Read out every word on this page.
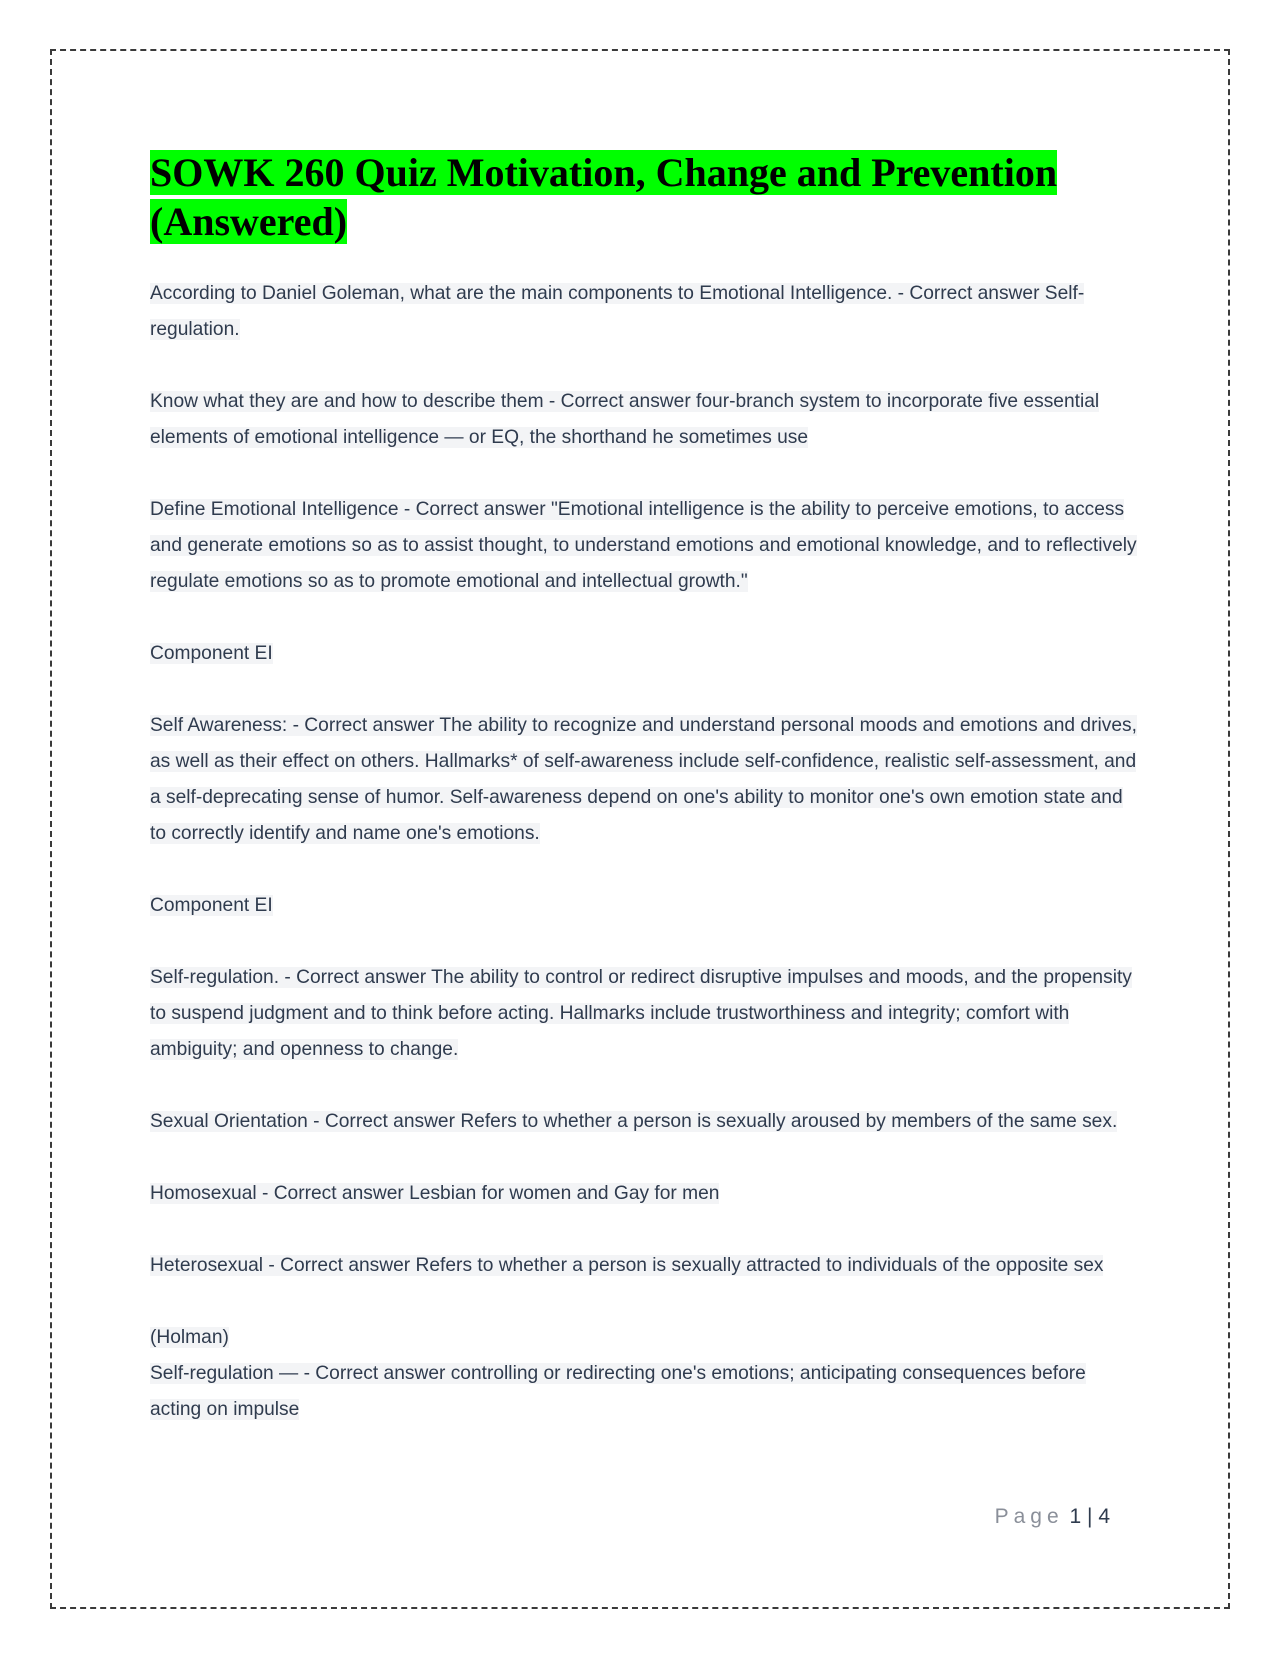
SOWK 260 Quiz Motivation, Change and Prevention (Answered)

According to Daniel Goleman, what are the main components to Emotional Intelligence. - Correct answer Self-regulation.

Know what they are and how to describe them - Correct answer four-branch system to incorporate five essential elements of emotional intelligence — or EQ, the shorthand he sometimes use

Define Emotional Intelligence - Correct answer "Emotional intelligence is the ability to perceive emotions, to access and generate emotions so as to assist thought, to understand emotions and emotional knowledge, and to reflectively regulate emotions so as to promote emotional and intellectual growth."

Component EI

Self Awareness: - Correct answer The ability to recognize and understand personal moods and emotions and drives, as well as their effect on others. Hallmarks* of self-awareness include self-confidence, realistic self-assessment, and a self-deprecating sense of humor. Self-awareness depend on one's ability to monitor one's own emotion state and to correctly identify and name one's emotions.

Component EI

Self-regulation. - Correct answer The ability to control or redirect disruptive impulses and moods, and the propensity to suspend judgment and to think before acting. Hallmarks include trustworthiness and integrity; comfort with ambiguity; and openness to change.

Sexual Orientation - Correct answer Refers to whether a person is sexually aroused by members of the same sex.

Homosexual - Correct answer Lesbian for women and Gay for men

Heterosexual - Correct answer Refers to whether a person is sexually attracted to individuals of the opposite sex

(Holman)

Self-regulation — - Correct answer controlling or redirecting one's emotions; anticipating consequences before acting on impulse

Page 1 | 4
